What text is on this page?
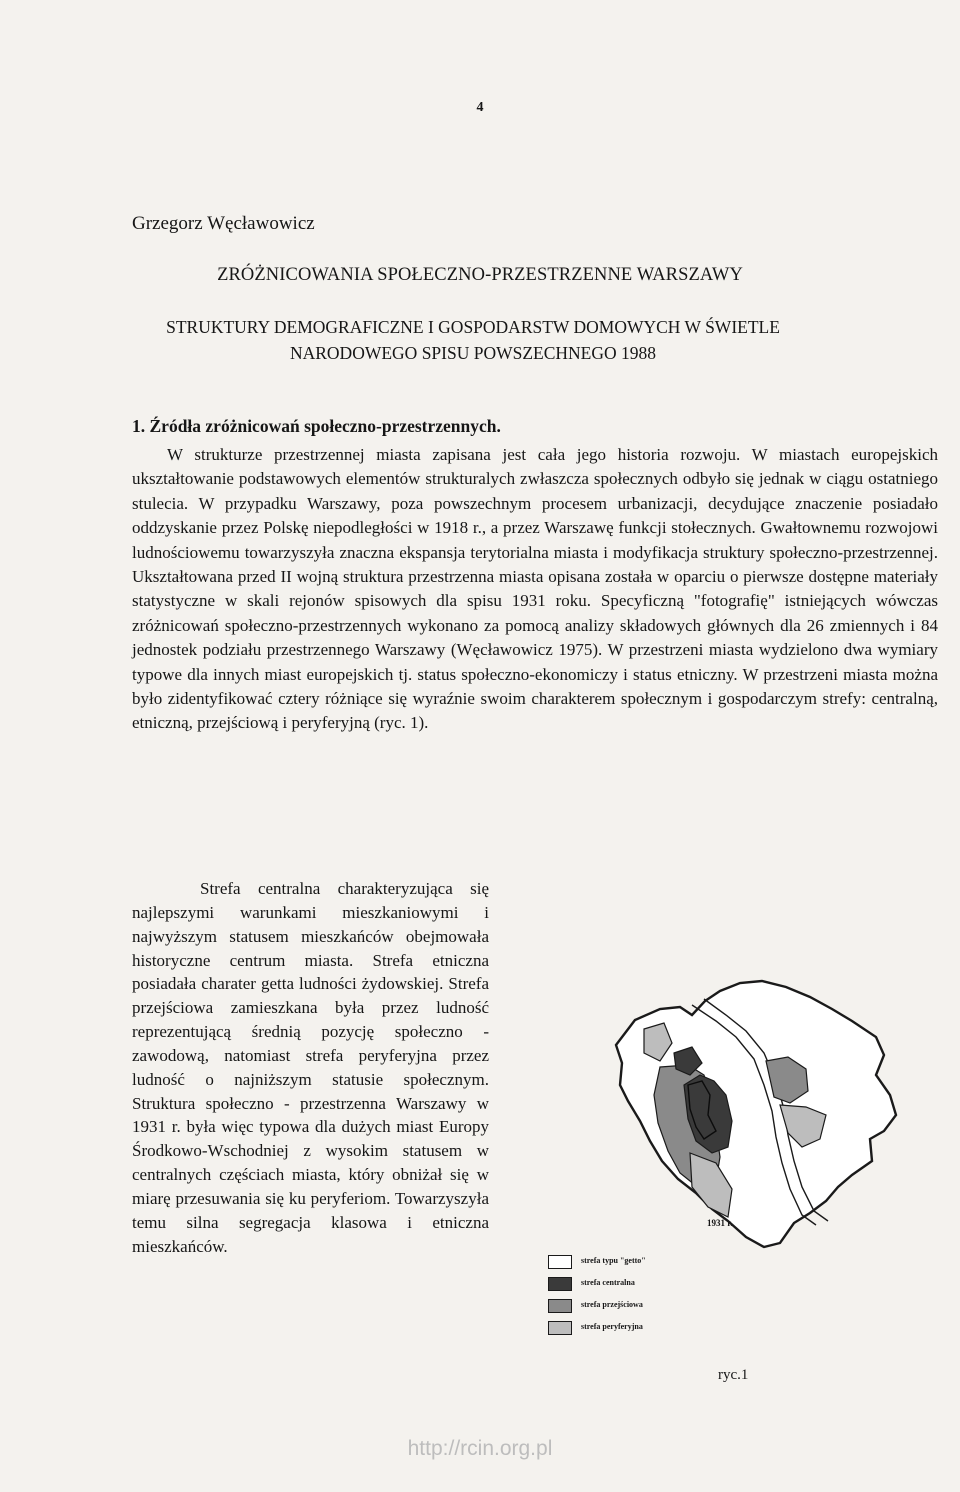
4
Grzegorz Węcławowicz
ZRÓŻNICOWANIA SPOŁECZNO-PRZESTRZENNE WARSZAWY
STRUKTURY DEMOGRAFICZNE I GOSPODARSTW DOMOWYCH W ŚWIETLE NARODOWEGO SPISU POWSZECHNEGO 1988
1. Źródła zróżnicowań społeczno-przestrzennych.

W strukturze przestrzennej miasta zapisana jest cała jego historia rozwoju. W miastach europejskich ukształtowanie podstawowych elementów strukturalych zwłaszcza społecznych odbyło się jednak w ciągu ostatniego stulecia. W przypadku Warszawy, poza powszechnym procesem urbanizacji, decydujące znaczenie posiadało oddzyskanie przez Polskę niepodległości w 1918 r., a przez Warszawę funkcji stołecznych. Gwałtownemu rozwojowi ludnościowemu towarzyszyła znaczna ekspansja terytorialna miasta i modyfikacja struktury społeczno-przestrzennej. Ukształtowana przed II wojną struktura przestrzenna miasta opisana została w oparciu o pierwsze dostępne materiały statystyczne w skali rejonów spisowych dla spisu 1931 roku. Specyficzną "fotografię" istniejących wówczas zróżnicowań społeczno-przestrzennych wykonano za pomocą analizy składowych głównych dla 26 zmiennych i 84 jednostek podziału przestrzennego Warszawy (Węcławowicz 1975). W przestrzeni miasta wydzielono dwa wymiary typowe dla innych miast europejskich tj. status społeczno-ekonomiczy i status etniczny. W przestrzeni miasta można było zidentyfikować cztery różniące się wyraźnie swoim charakterem społecznym i gospodarczym strefy: centralną, etniczną, przejściową i peryferyjną (ryc. 1).

Strefa centralna charakteryzująca się najlepszymi warunkami mieszkaniowymi i najwyższym statusem mieszkańców obejmowała historyczne centrum miasta. Strefa etniczna posiadała charater getta ludności żydowskiej. Strefa przejściowa zamieszkana była przez ludność reprezentującą średnią pozycję społeczno - zawodową, natomiast strefa peryferyjna przez ludność o najniższym statusie społecznym. Struktura społeczno - przestrzenna Warszawy w 1931 r. była więc typowa dla dużych miast Europy Środkowo-Wschodniej z wysokim statusem w centralnych częściach miasta, który obniżał się w miarę przesuwania się ku peryferiom. Towarzyszyła temu silna segregacja klasowa i etniczna mieszkańców.

1931 r.
strefa typu "getto"
strefa centralna
strefa przejściowa
strefa peryferyjna
ryc.1
http://rcin.org.pl
